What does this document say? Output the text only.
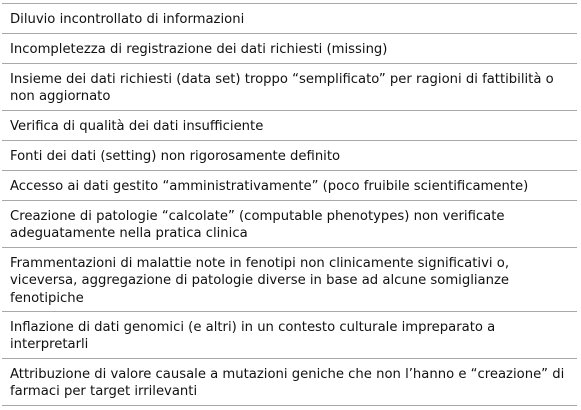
Diluvio incontrollato di informazioni
Incompletezza di registrazione dei dati richiesti (missing)
Insieme dei dati richiesti (data set) troppo “semplificato” per ragioni di fattibilità o non aggiornato
Verifica di qualità dei dati insufficiente
Fonti dei dati (setting) non rigorosamente definito
Accesso ai dati gestito “amministrativamente” (poco fruibile scientificamente)
Creazione di patologie “calcolate” (computable phenotypes) non verificate adeguatamente nella pratica clinica
Frammentazioni di malattie note in fenotipi non clinicamente significativi o, viceversa, aggregazione di patologie diverse in base ad alcune somiglianze fenotipiche
Inflazione di dati genomici (e altri) in un contesto culturale impreparato a interpretarli
Attribuzione di valore causale a mutazioni geniche che non l’hanno e “creazione” di farmaci per target irrilevanti
